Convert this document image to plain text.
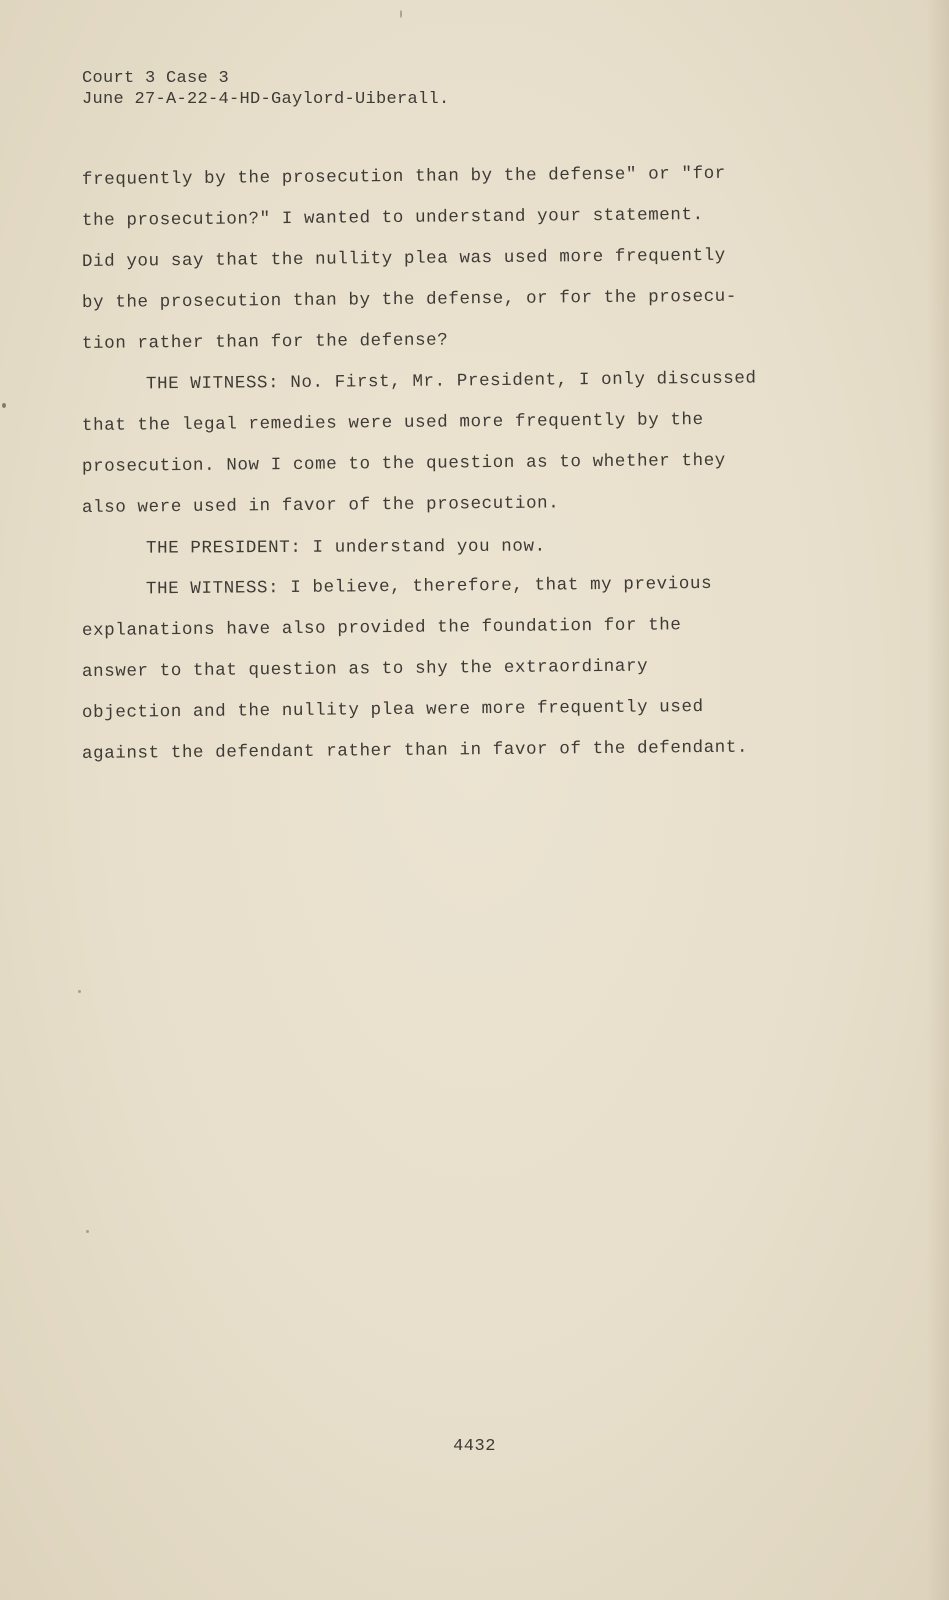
Court 3 Case 3
June 27-A-22-4-HD-Gaylord-Uiberall.
frequently by the prosecution than by the defense" or "for
the prosecution?" I wanted to understand your statement.
Did you say that the nullity plea was used more frequently
by the prosecution than by the defense, or for the prosecu-
tion rather than for the defense?
THE WITNESS: No. First, Mr. President, I only discussed
that the legal remedies were used more frequently by the
prosecution. Now I come to the question as to whether they
also were used in favor of the prosecution.
THE PRESIDENT: I understand you now.
THE WITNESS: I believe, therefore, that my previous
explanations have also provided the foundation for the
answer to that question as to shy the extraordinary
objection and the nullity plea were more frequently used
against the defendant rather than in favor of the defendant.
4432
